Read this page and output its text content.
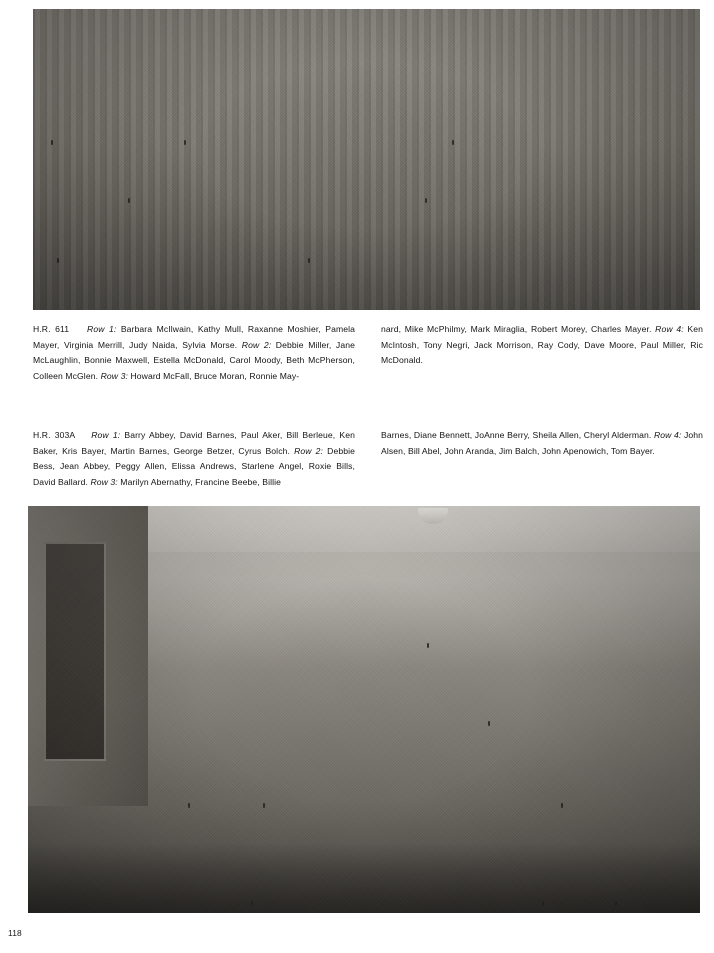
H.R. 611 Row 1: Barbara McIlwain, Kathy Mull, Raxanne Moshier, Pamela Mayer, Virginia Merrill, Judy Naida, Sylvia Morse. Row 2: Debbie Miller, Jane McLaughlin, Bonnie Maxwell, Estella McDonald, Carol Moody, Beth McPherson, Colleen McGlen. Row 3: Howard McFall, Bruce Moran, Ronnie May-

nard, Mike McPhilmy, Mark Miraglia, Robert Morey, Charles Mayer. Row 4: Ken McIntosh, Tony Negri, Jack Morrison, Ray Cody, Dave Moore, Paul Miller, Ric McDonald.

H.R. 303A Row 1: Barry Abbey, David Barnes, Paul Aker, Bill Berleue, Ken Baker, Kris Bayer, Martin Barnes, George Betzer, Cyrus Bolch. Row 2: Debbie Bess, Jean Abbey, Peggy Allen, Elissa Andrews, Starlene Angel, Roxie Bills, David Ballard. Row 3: Marilyn Abernathy, Francine Beebe, Billie

Barnes, Diane Bennett, JoAnne Berry, Sheila Allen, Cheryl Alderman. Row 4: John Alsen, Bill Abel, John Aranda, Jim Balch, John Apenowich, Tom Bayer.

118
